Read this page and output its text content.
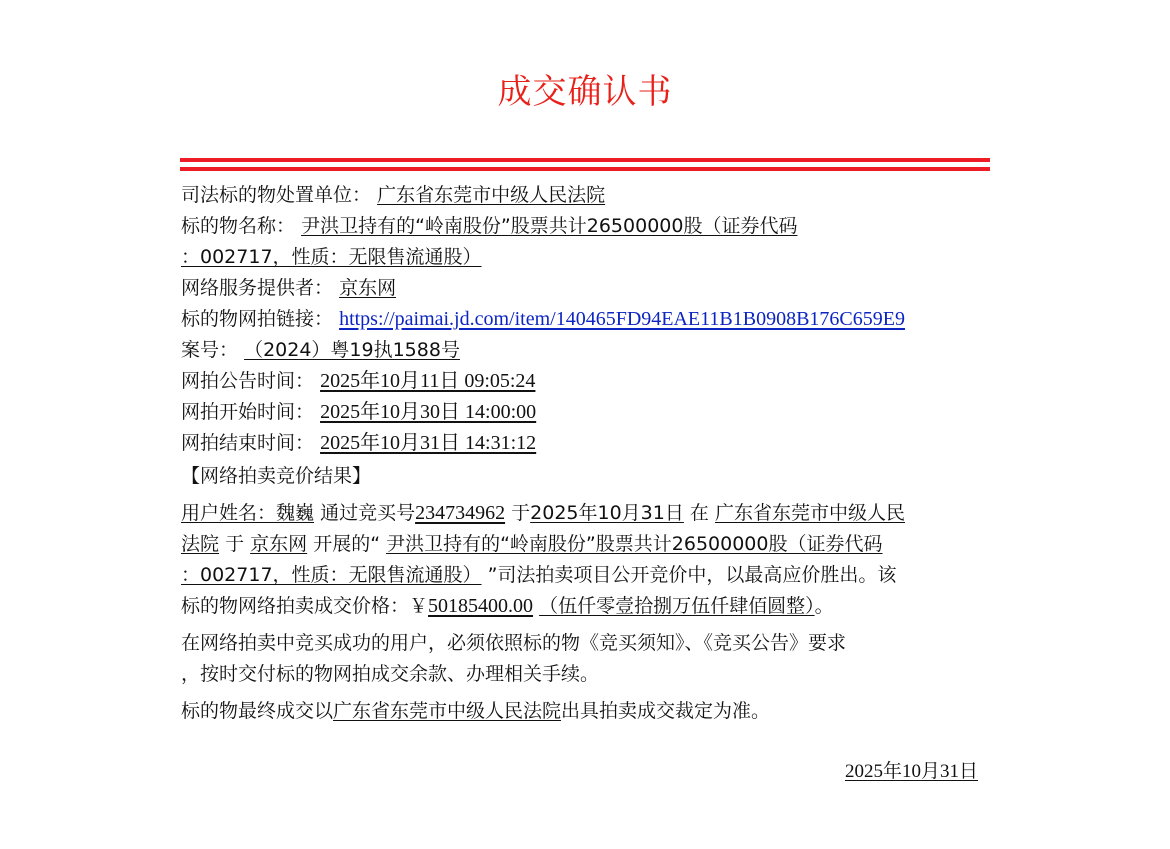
成交确认书
司法标的物处置单位： 广东省东莞市中级人民法院
标的物名称： 尹洪卫持有的“岭南股份”股票共计26500000股（证券代码
：002717，性质：无限售流通股）
网络服务提供者： 京东网
标的物网拍链接： https://paimai.jd.com/item/140465FD94EAE11B1B0908B176C659E9
案号： （2024）粤19执1588号
网拍公告时间： 2025年10月11日 09:05:24
网拍开始时间： 2025年10月30日 14:00:00
网拍结束时间： 2025年10月31日 14:31:12
【网络拍卖竞价结果】
用户姓名：魏巍 通过竞买号234734962 于2025年10月31日 在 广东省东莞市中级人民
法院 于 京东网 开展的“ 尹洪卫持有的“岭南股份”股票共计26500000股（证券代码
：002717，性质：无限售流通股） ”司法拍卖项目公开竞价中，以最高应价胜出。该
标的物网络拍卖成交价格：￥50185400.00 （伍仟零壹拾捌万伍仟肆佰圆整）。
在网络拍卖中竞买成功的用户，必须依照标的物《竞买须知》、《竞买公告》要求
，按时交付标的物网拍成交余款、办理相关手续。
标的物最终成交以广东省东莞市中级人民法院出具拍卖成交裁定为准。
2025年10月31日
